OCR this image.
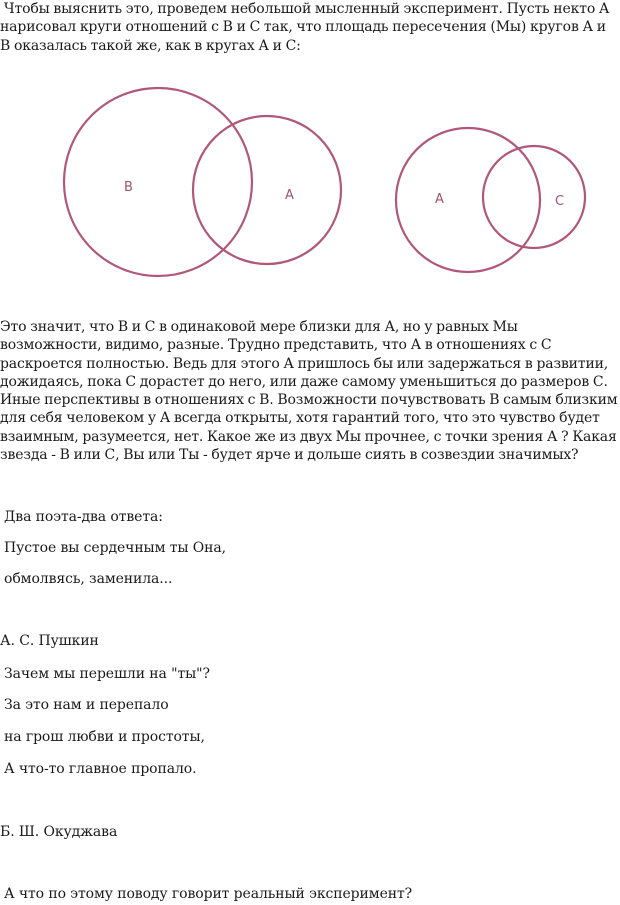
Чтобы выяснить это, проведем небольшой мысленный эксперимент. Пусть некто А нарисовал круги отношений с В и С так, что площадь пересечения (Мы) кругов А и В оказалась такой же, как в кругах А и С:

B
A	A	C

Это значит, что В и С в одинаковой мере близки для А, но у равных Мы возможности, видимо, разные. Трудно представить, что А в отношениях с С раскроется полностью. Ведь для этого А пришлось бы или задержаться в развитии, дожидаясь, пока С дорастет до него, или даже самому уменьшиться до размеров С. Иные перспективы в отношениях с В. Возможности почувствовать В самым близким для себя человеком у А всегда открыты, хотя гарантий того, что это чувство будет взаимным, разумеется, нет. Какое же из двух Мы прочнее, с точки зрения А ? Какая звезда - В или С, Вы или Ты - будет ярче и дольше сиять в созвездии значимых?

Два поэта-два ответа:

Пустое вы сердечным ты Она,

обмолвясь, заменила...

А. С. Пушкин

Зачем мы перешли на "ты"?

За это нам и перепало

на грош любви и простоты,

А что-то главное пропало.

Б. Ш. Окуджава

А что по этому поводу говорит реальный эксперимент?
